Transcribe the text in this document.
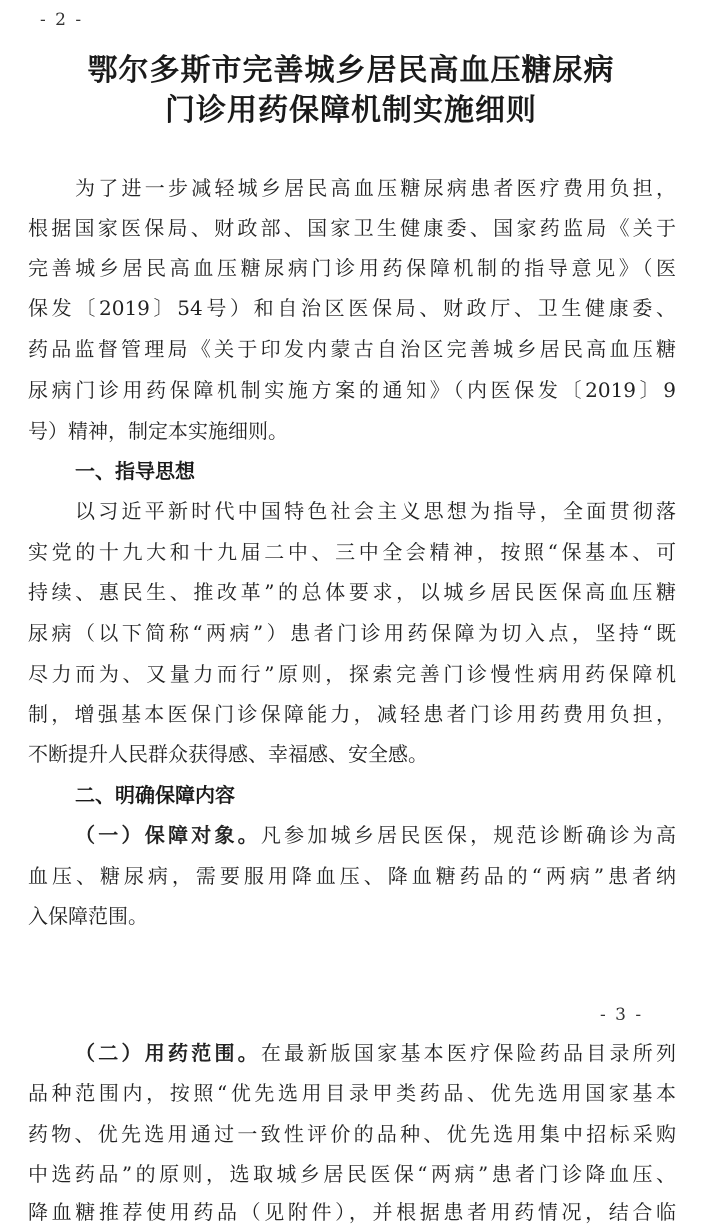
- 2 -
鄂尔多斯市完善城乡居民高血压糖尿病
门诊用药保障机制实施细则
为了进一步减轻城乡居民高血压糖尿病患者医疗费用负担，
根据国家医保局、财政部、国家卫生健康委、国家药监局《关于
完善城乡居民高血压糖尿病门诊用药保障机制的指导意见》（医
保发〔2019〕54号）和自治区医保局、财政厅、卫生健康委、
药品监督管理局《关于印发内蒙古自治区完善城乡居民高血压糖
尿病门诊用药保障机制实施方案的通知》（内医保发〔2019〕9
号）精神，制定本实施细则。
一、指导思想
以习近平新时代中国特色社会主义思想为指导，全面贯彻落
实党的十九大和十九届二中、三中全会精神，按照“保基本、可
持续、惠民生、推改革”的总体要求，以城乡居民医保高血压糖
尿病（以下简称“两病”）患者门诊用药保障为切入点，坚持“既
尽力而为、又量力而行”原则，探索完善门诊慢性病用药保障机
制，增强基本医保门诊保障能力，减轻患者门诊用药费用负担，
不断提升人民群众获得感、幸福感、安全感。
二、明确保障内容
（一）保障对象。凡参加城乡居民医保，规范诊断确诊为高
血压、糖尿病，需要服用降血压、降血糖药品的“两病”患者纳
入保障范围。
- 3 -
（二）用药范围。在最新版国家基本医疗保险药品目录所列
品种范围内，按照“优先选用目录甲类药品、优先选用国家基本
药物、优先选用通过一致性评价的品种、优先选用集中招标采购
中选药品”的原则，选取城乡居民医保“两病”患者门诊降血压、
降血糖推荐使用药品（见附件），并根据患者用药情况，结合临
